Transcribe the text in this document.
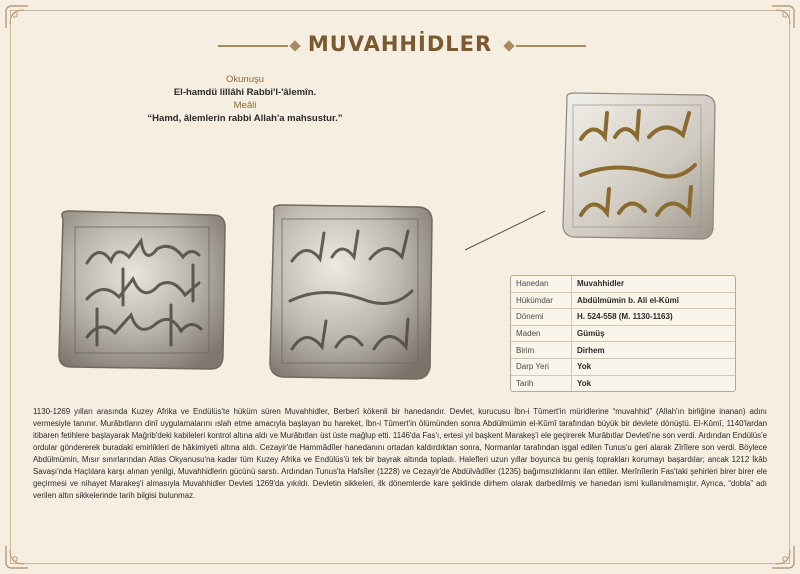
MUVAHHİDLER
Okunuşu
El-hamdü lillâhi Rabbi'l-'âlemîn.
Meâli
“Hamd, âlemlerin rabbi Allah'a mahsustur.”
Hanedan	Muvahhidler
Hükümdar	Abdülmümin b. Ali el-Kûmî
Dönemi	H. 524-558 (M. 1130-1163)
Maden	Gümüş
Birim	Dirhem
Darp Yeri	Yok
Tarih	Yok
1130-1269 yılları arasında Kuzey Afrika ve Endülüs'te hüküm süren Muvahhidler, Berberî kökenli bir hanedandır. Devlet, kurucusu İbn-i Tûmert'in müridlerine “muvahhid” (Allah'ın birliğine inanan) adını vermesiyle tanınır. Murâbıtların dinî uygulamalarını ıslah etme amacıyla başlayan bu hareket, İbn-i Tûmert'in ölümünden sonra Abdülmümin el-Kûmî tarafından büyük bir devlete dönüştü. El-Kûmî, 1140'lardan itibaren fetihlere başlayarak Mağrib'deki kabileleri kontrol altına aldı ve Murâbıtları üst üste mağlup etti. 1146'da Fas'ı, ertesi yıl başkent Marakeş'i ele geçirerek Murâbıtlar Devleti'ne son verdi. Ardından Endülüs'e ordular göndererek buradaki emirlikleri de hâkimiyeti altına aldı. Cezayir'de Hammâdîler hanedanını ortadan kaldırdıktan sonra, Normanlar tarafından işgal edilen Tunus'u geri alarak Zîrîlere son verdi. Böylece Abdülmümin, Mısır sınırlarından Atlas Okyanusu'na kadar tüm Kuzey Afrika ve Endülüs'ü tek bir bayrak altında topladı. Halefleri uzun yıllar boyunca bu geniş toprakları korumayı başardılar; ancak 1212 İkâb Savaşı'nda Haçlılara karşı alınan yenilgi, Muvahhidlerin gücünü sarstı. Ardından Tunus'ta Hafsîler (1228) ve Cezayir'de Abdülvâdîler (1235) bağımsızlıklarını ilan ettiler. Merînîlerin Fas'taki şehirleri birer birer ele geçirmesi ve nihayet Marakeş'i almasıyla Muvahhidler Devleti 1269'da yıkıldı. Devletin sikkeleri, ilk dönemlerde kare şeklinde dirhem olarak darbedilmiş ve hanedan ismi kullanılmamıştır. Ayrıca, “dobla” adı verilen altın sikkelerinde tarih bilgisi bulunmaz.
